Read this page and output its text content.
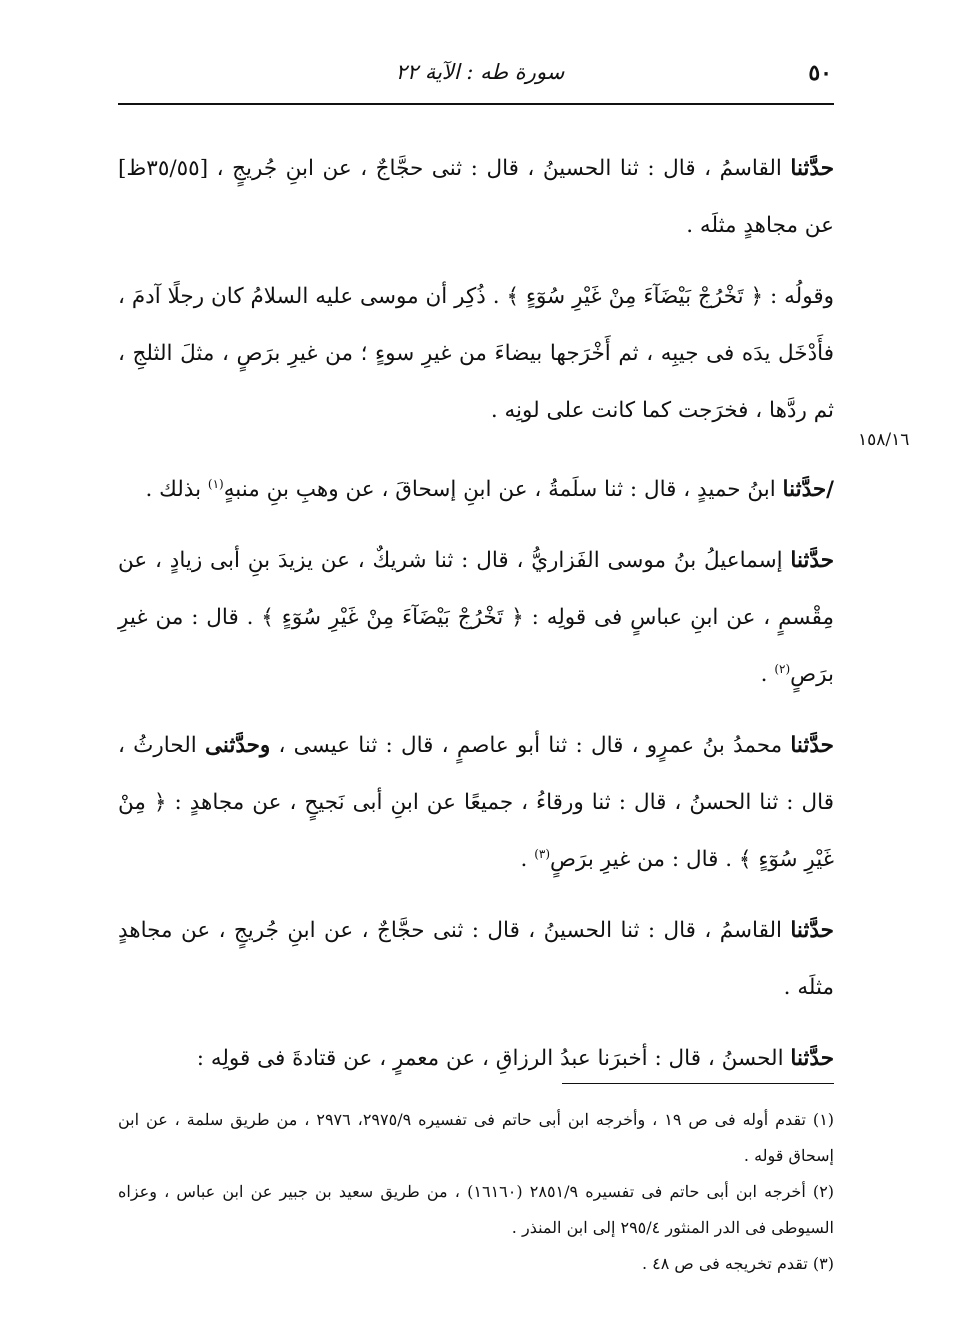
٥٠
سورة طه : الآية ٢٢
١٥٨/١٦

حدَّثنا القاسمُ ، قال : ثنا الحسينُ ، قال : ثنى حجَّاجٌ ، عن ابنِ جُريجٍ ، [٣٥/٥٥ظ] عن مجاهدٍ مثلَه .

وقولُه : ﴿ تَخْرُجْ بَيْضَآءَ مِنْ غَيْرِ سُوٓءٍ ﴾ . ذُكِر أن موسى عليه السلامُ كان رجلًا آدمَ ، فأَدْخَل يدَه فى جيبِه ، ثم أَخْرَجها بيضاءَ من غيرِ سوءٍ ؛ من غيرِ برَصٍ ، مثلَ الثلجِ ، ثم ردَّها ، فخرَجت كما كانت على لونِه .

/حدَّثنا ابنُ حميدٍ ، قال : ثنا سلَمةُ ، عن ابنِ إسحاقَ ، عن وهبِ بنِ منبهٍ$^{(١)}$ بذلك .

حدَّثنا إسماعيلُ بنُ موسى الفَزاريُّ ، قال : ثنا شريكٌ ، عن يزيدَ بنِ أبى زيادٍ ، عن مِقْسمٍ ، عن ابنِ عباسٍ فى قولِه : ﴿ تَخْرُجْ بَيْضَآءَ مِنْ غَيْرِ سُوٓءٍ ﴾ . قال : من غيرِ برَصٍ$^{(٢)}$ .

حدَّثنا محمدُ بنُ عمرٍو ، قال : ثنا أبو عاصمٍ ، قال : ثنا عيسى ، وحدَّثنى الحارثُ ، قال : ثنا الحسنُ ، قال : ثنا ورقاءُ ، جميعًا عن ابنِ أبى نَجيحٍ ، عن مجاهدٍ : ﴿ مِنْ غَيْرِ سُوٓءٍ ﴾ . قال : من غيرِ برَصٍ$^{(٣)}$ .

حدَّثنا القاسمُ ، قال : ثنا الحسينُ ، قال : ثنى حجَّاجٌ ، عن ابنِ جُريجٍ ، عن مجاهدٍ مثلَه .

حدَّثنا الحسنُ ، قال : أخبرَنا عبدُ الرزاقِ ، عن معمرٍ ، عن قتادةَ فى قولِه :

(١) تقدم أوله فى ص ١٩ ، وأخرجه ابن أبى حاتم فى تفسيره ٢٩٧٥/٩، ٢٩٧٦ ، من طريق سلمة ، عن ابن إسحاق قوله .

(٢) أخرجه ابن أبى حاتم فى تفسيره ٢٨٥١/٩ (١٦١٦٠) ، من طريق سعيد بن جبير عن ابن عباس ، وعزاه السيوطى فى الدر المنثور ٢٩٥/٤ إلى ابن المنذر .

(٣) تقدم تخريجه فى ص ٤٨ .
